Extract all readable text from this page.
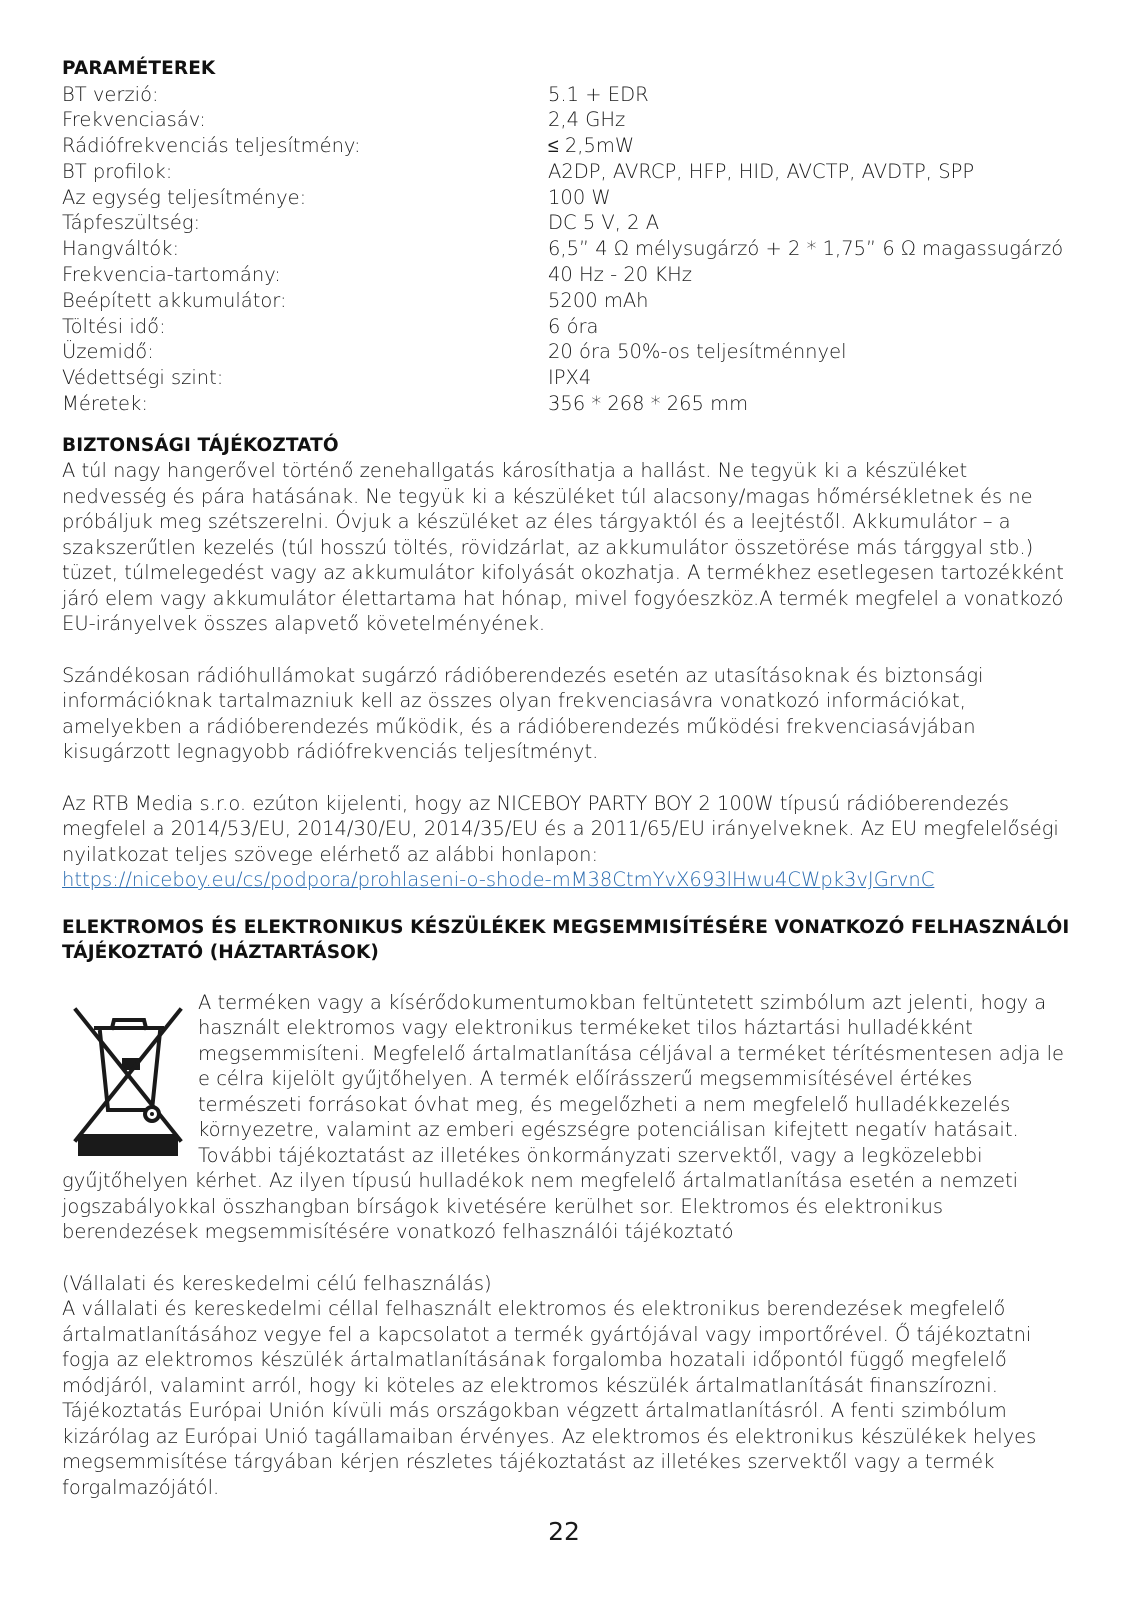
PARAMÉTEREK
BT verzió:	5.1 + EDR
Frekvenciasáv:	2,4 GHz
Rádiófrekvenciás teljesítmény:	≤ 2,5mW
BT profilok:	A2DP, AVRCP, HFP, HID, AVCTP, AVDTP, SPP
Az egység teljesítménye:	100 W
Tápfeszültség:	DC 5 V, 2 A
Hangváltók:	6,5” 4 Ω mélysugárzó + 2 * 1,75” 6 Ω magassugárzó
Frekvencia-tartomány:	40 Hz - 20 KHz
Beépített akkumulátor:	5200 mAh
Töltési idő:	6 óra
Üzemidő:	20 óra 50%-os teljesítménnyel
Védettségi szint:	IPX4
Méretek:	356 * 268 * 265 mm
BIZTONSÁGI TÁJÉKOZTATÓ

A túl nagy hangerővel történő zenehallgatás károsíthatja a hallást. Ne tegyük ki a készüléket nedvesség és pára hatásának. Ne tegyük ki a készüléket túl alacsony/magas hőmérsékletnek és ne próbáljuk meg szétszerelni. Óvjuk a készüléket az éles tárgyaktól és a leejtéstől. Akkumulátor – a szakszerűtlen kezelés (túl hosszú töltés, rövidzárlat, az akkumulátor összetörése más tárggyal stb.) tüzet, túlmelegedést vagy az akkumulátor kifolyását okozhatja. A termékhez esetlegesen tartozékként járó elem vagy akkumulátor élettartama hat hónap, mivel fogyóeszköz.A termék megfelel a vonatkozó EU-irányelvek összes alapvető követelményének.

Szándékosan rádióhullámokat sugárzó rádióberendezés esetén az utasításoknak és biztonsági információknak tartalmazniuk kell az összes olyan frekvenciasávra vonatkozó információkat, amelyekben a rádióberendezés működik, és a rádióberendezés működési frekvenciasávjában kisugárzott legnagyobb rádiófrekvenciás teljesítményt.

Az RTB Media s.r.o. ezúton kijelenti, hogy az NICEBOY PARTY BOY 2 100W típusú rádióberendezés megfelel a 2014/53/EU, 2014/30/EU, 2014/35/EU és a 2011/65/EU irányelveknek. Az EU megfelelőségi nyilatkozat teljes szövege elérhető az alábbi honlapon:
https://niceboy.eu/cs/podpora/prohlaseni-o-shode-mM38CtmYvX693lHwu4CWpk3vJGrvnC

ELEKTROMOS ÉS ELEKTRONIKUS KÉSZÜLÉKEK MEGSEMMISÍTÉSÉRE VONATKOZÓ FELHASZNÁLÓI TÁJÉKOZTATÓ (HÁZTARTÁSOK)

A terméken vagy a kísérődokumentumokban feltüntetett szimbólum azt jelenti, hogy a használt elektromos vagy elektronikus termékeket tilos háztartási hulladékként megsemmisíteni. Megfelelő ártalmatlanítása céljával a terméket térítésmentesen adja le e célra kijelölt gyűjtőhelyen. A termék előírásszerű megsemmisítésével értékes természeti forrásokat óvhat meg, és megelőzheti a nem megfelelő hulladékkezelés környezetre, valamint az emberi egészségre potenciálisan kifejtett negatív hatásait. További tájékoztatást az illetékes önkormányzati szervektől, vagy a legközelebbi gyűjtőhelyen kérhet. Az ilyen típusú hulladékok nem megfelelő ártalmatlanítása esetén a nemzeti jogszabályokkal összhangban bírságok kivetésére kerülhet sor. Elektromos és elektronikus berendezések megsemmisítésére vonatkozó felhasználói tájékoztató

(Vállalati és kereskedelmi célú felhasználás)

A vállalati és kereskedelmi céllal felhasznált elektromos és elektronikus berendezések megfelelő ártalmatlanításához vegye fel a kapcsolatot a termék gyártójával vagy importőrével. Ő tájékoztatni fogja az elektromos készülék ártalmatlanításának forgalomba hozatali időpontól függő megfelelő módjáról, valamint arról, hogy ki köteles az elektromos készülék ártalmatlanítását finanszírozni. Tájékoztatás Európai Unión kívüli más országokban végzett ártalmatlanításról. A fenti szimbólum kizárólag az Európai Unió tagállamaiban érvényes. Az elektromos és elektronikus készülékek helyes megsemmisítése tárgyában kérjen részletes tájékoztatást az illetékes szervektől vagy a termék forgalmazójától.

22
